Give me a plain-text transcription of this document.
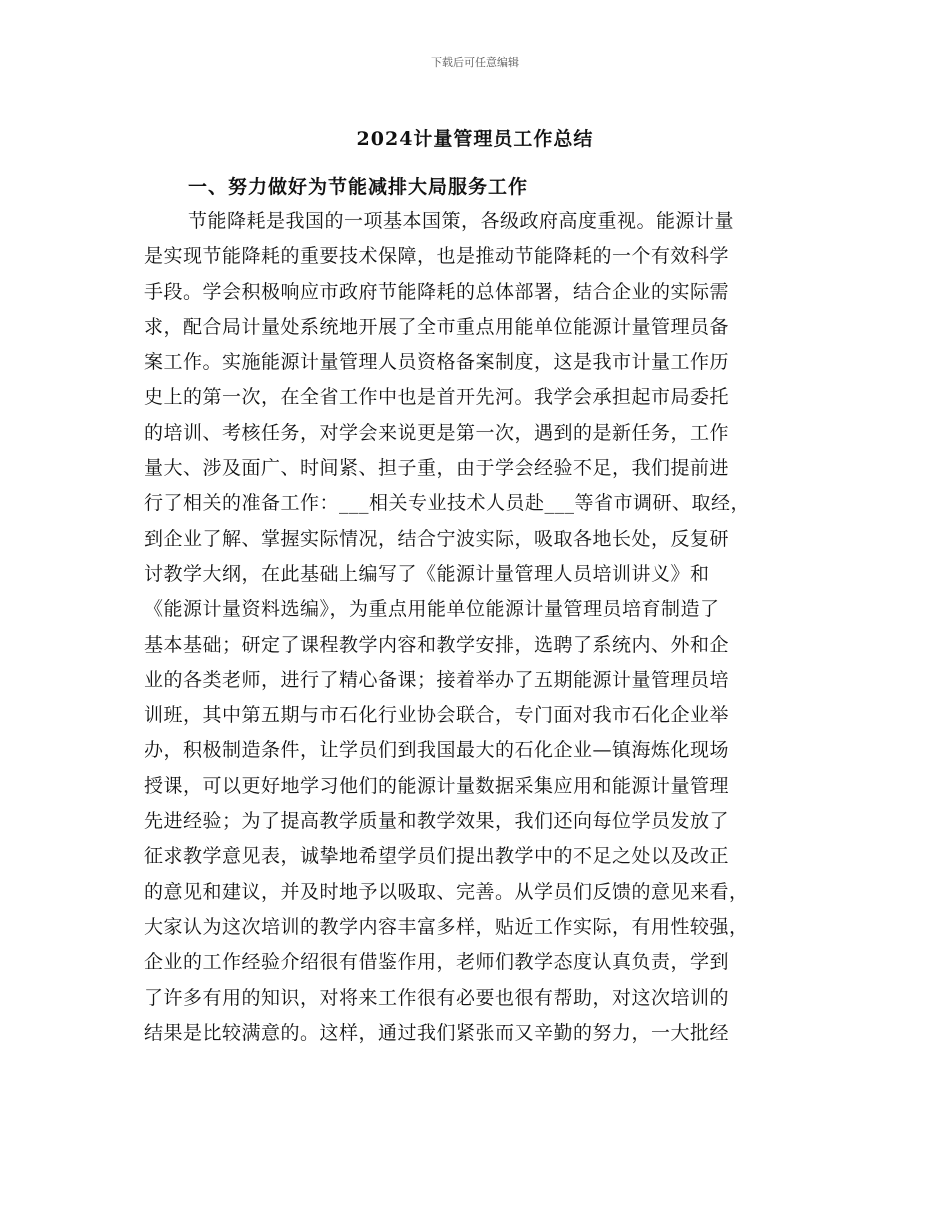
下载后可任意编辑
2024计量管理员工作总结
一、努力做好为节能减排大局服务工作
节能降耗是我国的一项基本国策，各级政府高度重视。能源计量
是实现节能降耗的重要技术保障，也是推动节能降耗的一个有效科学
手段。学会积极响应市政府节能降耗的总体部署，结合企业的实际需
求，配合局计量处系统地开展了全市重点用能单位能源计量管理员备
案工作。实施能源计量管理人员资格备案制度，这是我市计量工作历
史上的第一次，在全省工作中也是首开先河。我学会承担起市局委托
的培训、考核任务，对学会来说更是第一次，遇到的是新任务，工作
量大、涉及面广、时间紧、担子重，由于学会经验不足，我们提前进
行了相关的准备工作：___相关专业技术人员赴___等省市调研、取经，
到企业了解、掌握实际情况，结合宁波实际，吸取各地长处，反复研
讨教学大纲，在此基础上编写了《能源计量管理人员培训讲义》和
《能源计量资料选编》，为重点用能单位能源计量管理员培育制造了
基本基础；研定了课程教学内容和教学安排，选聘了系统内、外和企
业的各类老师，进行了精心备课；接着举办了五期能源计量管理员培
训班，其中第五期与市石化行业协会联合，专门面对我市石化企业举
办，积极制造条件，让学员们到我国最大的石化企业—镇海炼化现场
授课，可以更好地学习他们的能源计量数据采集应用和能源计量管理
先进经验；为了提高教学质量和教学效果，我们还向每位学员发放了
征求教学意见表，诚挚地希望学员们提出教学中的不足之处以及改正
的意见和建议，并及时地予以吸取、完善。从学员们反馈的意见来看，
大家认为这次培训的教学内容丰富多样，贴近工作实际，有用性较强，
企业的工作经验介绍很有借鉴作用，老师们教学态度认真负责，学到
了许多有用的知识，对将来工作很有必要也很有帮助，对这次培训的
结果是比较满意的。这样，通过我们紧张而又辛勤的努力，一大批经
